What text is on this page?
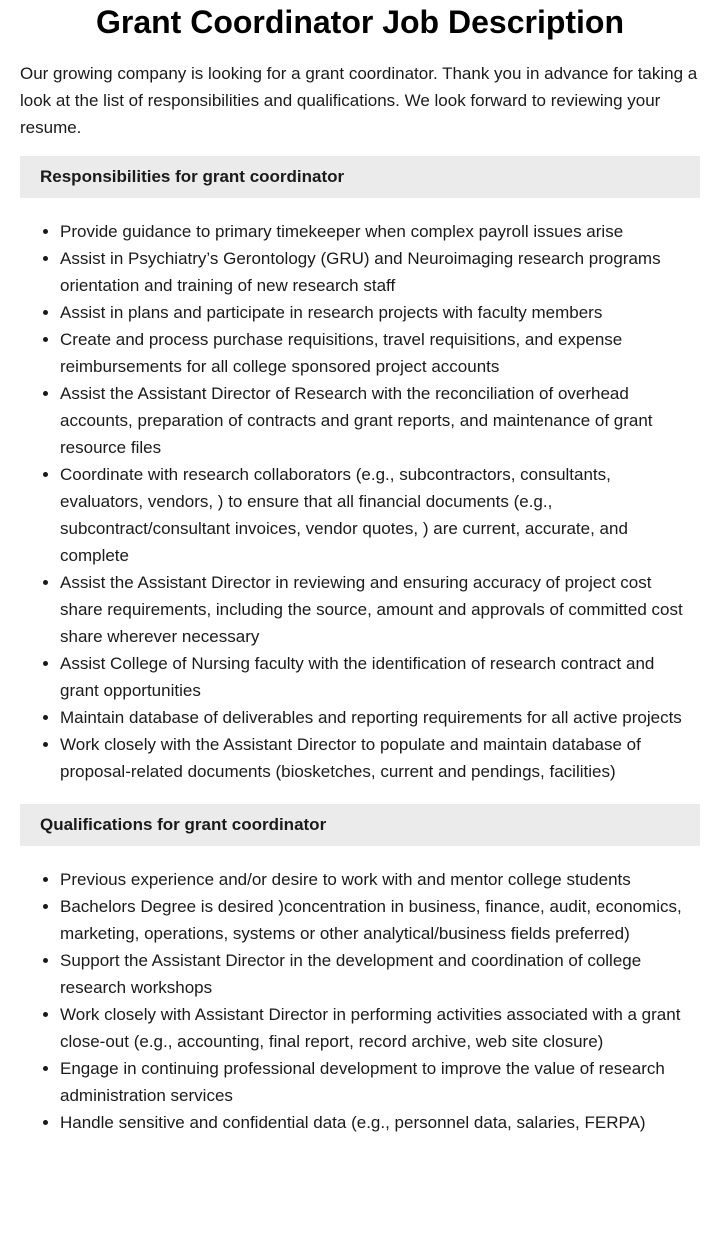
Grant Coordinator Job Description

Our growing company is looking for a grant coordinator. Thank you in advance for taking a look at the list of responsibilities and qualifications. We look forward to reviewing your resume.

Responsibilities for grant coordinator
• Provide guidance to primary timekeeper when complex payroll issues arise
• Assist in Psychiatry’s Gerontology (GRU) and Neuroimaging research programs orientation and training of new research staff
• Assist in plans and participate in research projects with faculty members
• Create and process purchase requisitions, travel requisitions, and expense reimbursements for all college sponsored project accounts
• Assist the Assistant Director of Research with the reconciliation of overhead accounts, preparation of contracts and grant reports, and maintenance of grant resource files
• Coordinate with research collaborators (e.g., subcontractors, consultants, evaluators, vendors, ) to ensure that all financial documents (e.g., subcontract/consultant invoices, vendor quotes, ) are current, accurate, and complete
• Assist the Assistant Director in reviewing and ensuring accuracy of project cost share requirements, including the source, amount and approvals of committed cost share wherever necessary
• Assist College of Nursing faculty with the identification of research contract and grant opportunities
• Maintain database of deliverables and reporting requirements for all active projects
• Work closely with the Assistant Director to populate and maintain database of proposal-related documents (biosketches, current and pendings, facilities)
Qualifications for grant coordinator
• Previous experience and/or desire to work with and mentor college students
• Bachelors Degree is desired )concentration in business, finance, audit, economics, marketing, operations, systems or other analytical/business fields preferred)
• Support the Assistant Director in the development and coordination of college research workshops
• Work closely with Assistant Director in performing activities associated with a grant close-out (e.g., accounting, final report, record archive, web site closure)
• Engage in continuing professional development to improve the value of research administration services
• Handle sensitive and confidential data (e.g., personnel data, salaries, FERPA)
